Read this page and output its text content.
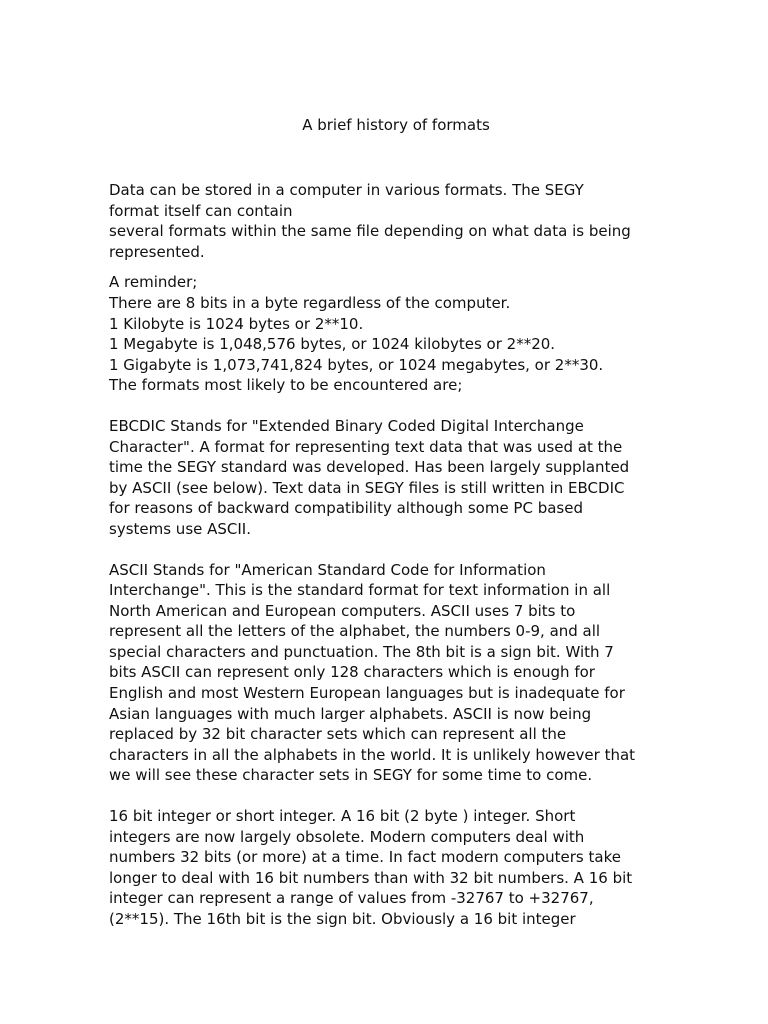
A brief history of formats

Data can be stored in a computer in various formats. The SEGY

format itself can contain

several formats within the same file depending on what data is being

represented.

A reminder;

There are 8 bits in a byte regardless of the computer.

1 Kilobyte is 1024 bytes or 2**10.

1 Megabyte is 1,048,576 bytes, or 1024 kilobytes or 2**20.

1 Gigabyte is 1,073,741,824 bytes, or 1024 megabytes, or 2**30.

The formats most likely to be encountered are;

EBCDIC Stands for "Extended Binary Coded Digital Interchange

Character". A format for representing text data that was used at the

time the SEGY standard was developed. Has been largely supplanted

by ASCII (see below). Text data in SEGY files is still written in EBCDIC

for reasons of backward compatibility although some PC based

systems use ASCII.

ASCII Stands for "American Standard Code for Information

Interchange". This is the standard format for text information in all

North American and European computers. ASCII uses 7 bits to

represent all the letters of the alphabet, the numbers 0-9, and all

special characters and punctuation. The 8th bit is a sign bit. With 7

bits ASCII can represent only 128 characters which is enough for

English and most Western European languages but is inadequate for

Asian languages with much larger alphabets. ASCII is now being

replaced by 32 bit character sets which can represent all the

characters in all the alphabets in the world. It is unlikely however that

we will see these character sets in SEGY for some time to come.

16 bit integer or short integer. A 16 bit (2 byte ) integer. Short

integers are now largely obsolete. Modern computers deal with

numbers 32 bits (or more) at a time. In fact modern computers take

longer to deal with 16 bit numbers than with 32 bit numbers. A 16 bit

integer can represent a range of values from -32767 to +32767,

(2**15). The 16th bit is the sign bit. Obviously a 16 bit integer
